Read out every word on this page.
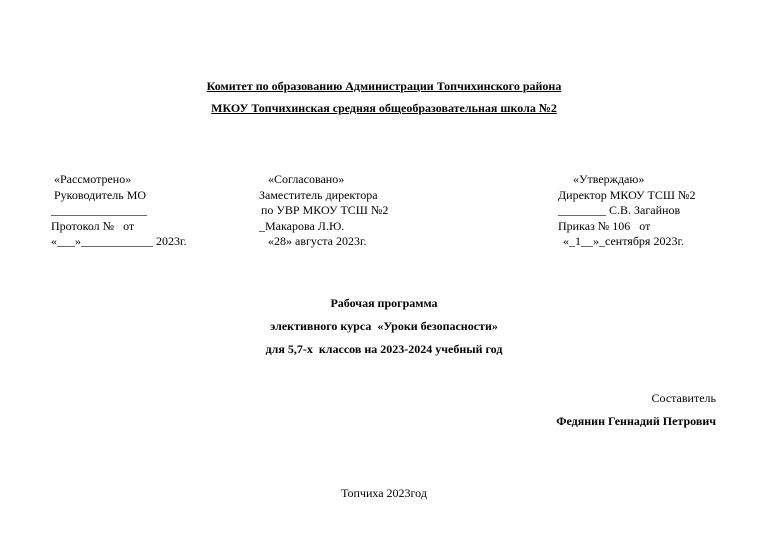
Комитет по образованию Администрации Топчихинского района
МКОУ Топчихинская средняя общеобразовательная школа №2
«Рассмотрено»
Руководитель МО
________________
Протокол №   от
«___»____________ 2023г.
«Согласовано»
Заместитель директора
по УВР МКОУ ТСШ №2
_Макарова Л.Ю.
«28» августа 2023г.
«Утверждаю»
Директор МКОУ ТСШ №2
________ С.В. Загайнов
Приказ № 106   от
«_1__»_сентября 2023г.
Рабочая программа
элективного курса  «Уроки безопасности»
для 5,7-х  классов на 2023-2024 учебный год
Составитель
Федянин Геннадий Петрович
Топчиха 2023год
